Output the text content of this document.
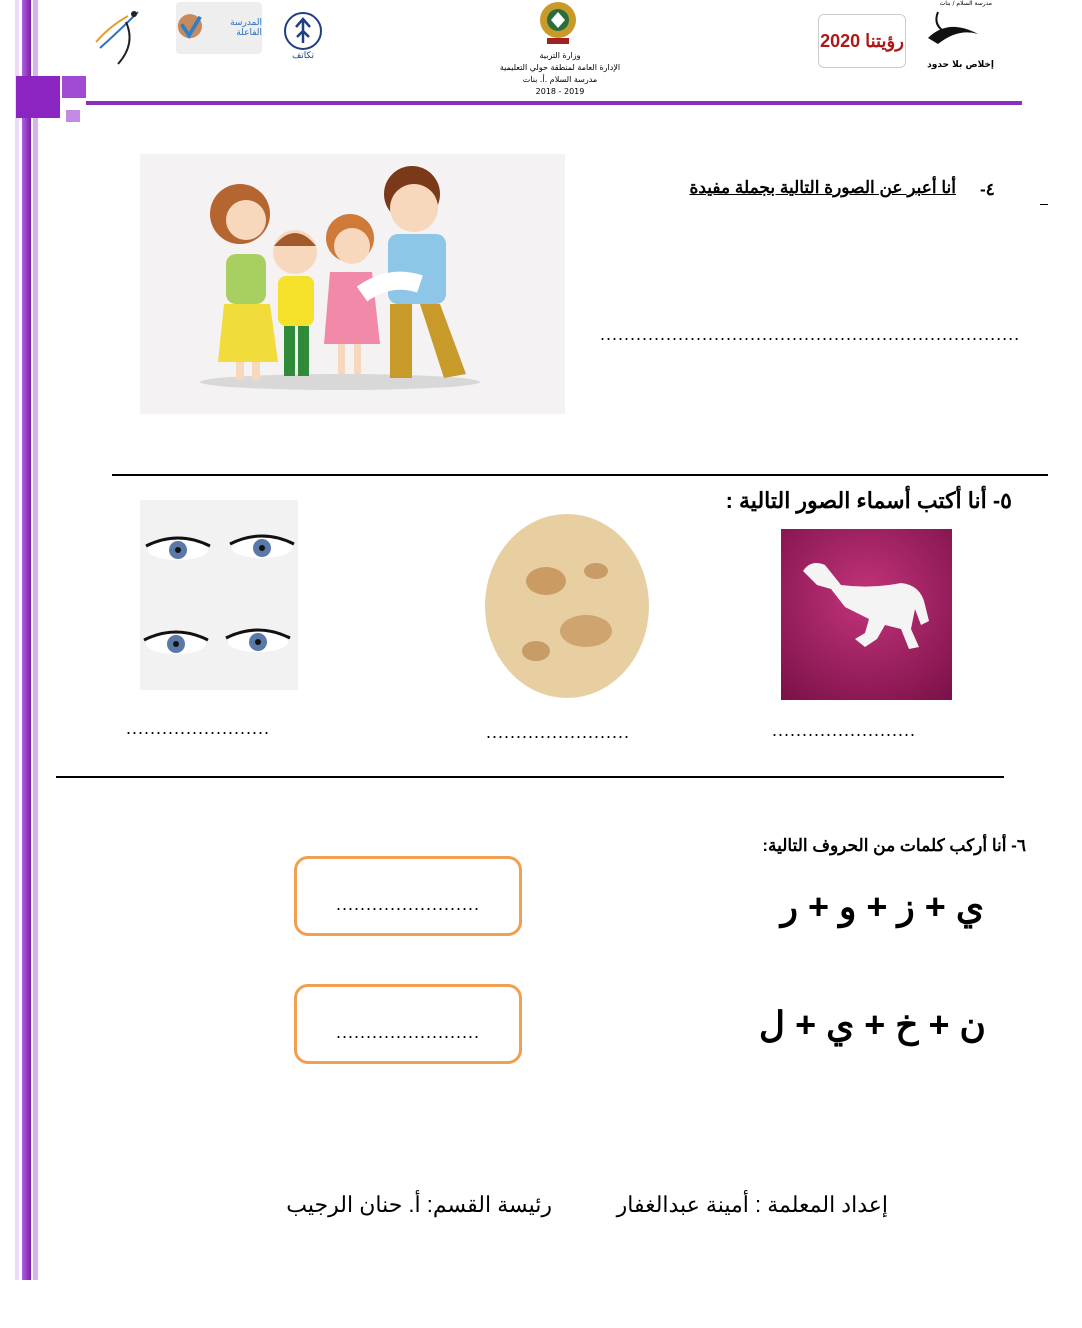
المدرسة الفاعلة
تكاتف	وزارة التربية
الإدارة العامة لمنطقة حولي التعليمية
مدرسة السلام .أ. بنات
2018 - 2019
رؤيتنا 2020
مدرسة السلام / بنات
إخلاص بلا حدود
٤-
أنا أعبر عن الصورة التالية بجملة مفيدة
......................................................................
٥- أنا أكتب أسماء الصور التالية :
........................
........................
........................
٦- أنا أركب كلمات من الحروف التالية:
ي + ز + و + ر
........................
ن + خ + ي + ل
........................
إعداد المعلمة : أمينة عبدالغفار
رئيسة القسم: أ. حنان الرجيب
